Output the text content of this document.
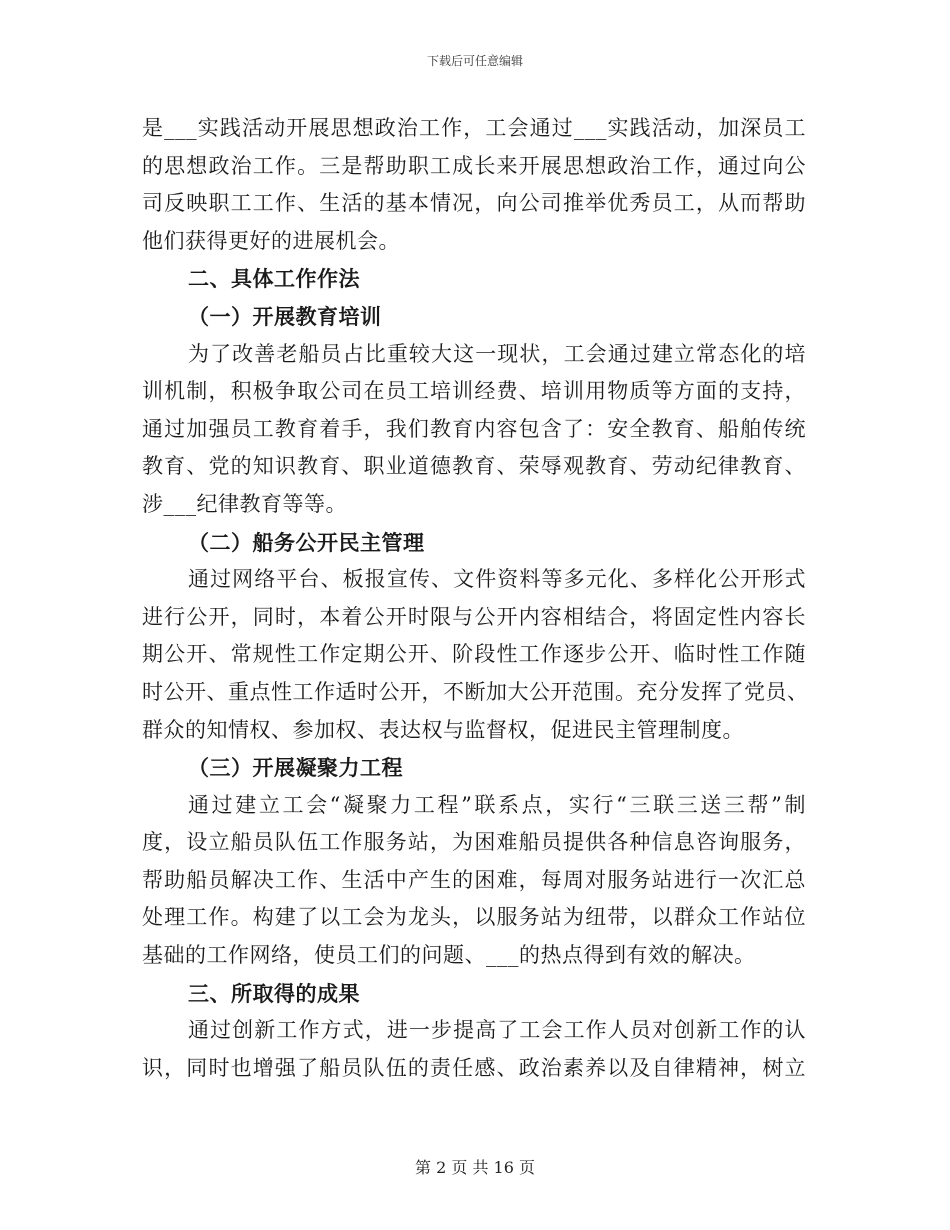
下载后可任意编辑
是___实践活动开展思想政治工作，工会通过___实践活动，加深员工
的思想政治工作。三是帮助职工成长来开展思想政治工作，通过向公
司反映职工工作、生活的基本情况，向公司推举优秀员工，从而帮助
他们获得更好的进展机会。
二、具体工作作法
（一）开展教育培训
为了改善老船员占比重较大这一现状，工会通过建立常态化的培
训机制，积极争取公司在员工培训经费、培训用物质等方面的支持，
通过加强员工教育着手，我们教育内容包含了：安全教育、船舶传统
教育、党的知识教育、职业道德教育、荣辱观教育、劳动纪律教育、
涉___纪律教育等等。
（二）船务公开民主管理
通过网络平台、板报宣传、文件资料等多元化、多样化公开形式
进行公开，同时，本着公开时限与公开内容相结合，将固定性内容长
期公开、常规性工作定期公开、阶段性工作逐步公开、临时性工作随
时公开、重点性工作适时公开，不断加大公开范围。充分发挥了党员、
群众的知情权、参加权、表达权与监督权，促进民主管理制度。
（三）开展凝聚力工程
通过建立工会“凝聚力工程”联系点，实行“三联三送三帮”制
度，设立船员队伍工作服务站，为困难船员提供各种信息咨询服务，
帮助船员解决工作、生活中产生的困难，每周对服务站进行一次汇总
处理工作。构建了以工会为龙头，以服务站为纽带，以群众工作站位
基础的工作网络，使员工们的问题、___的热点得到有效的解决。
三、所取得的成果
通过创新工作方式，进一步提高了工会工作人员对创新工作的认
识，同时也增强了船员队伍的责任感、政治素养以及自律精神，树立
第 2 页 共 16 页
